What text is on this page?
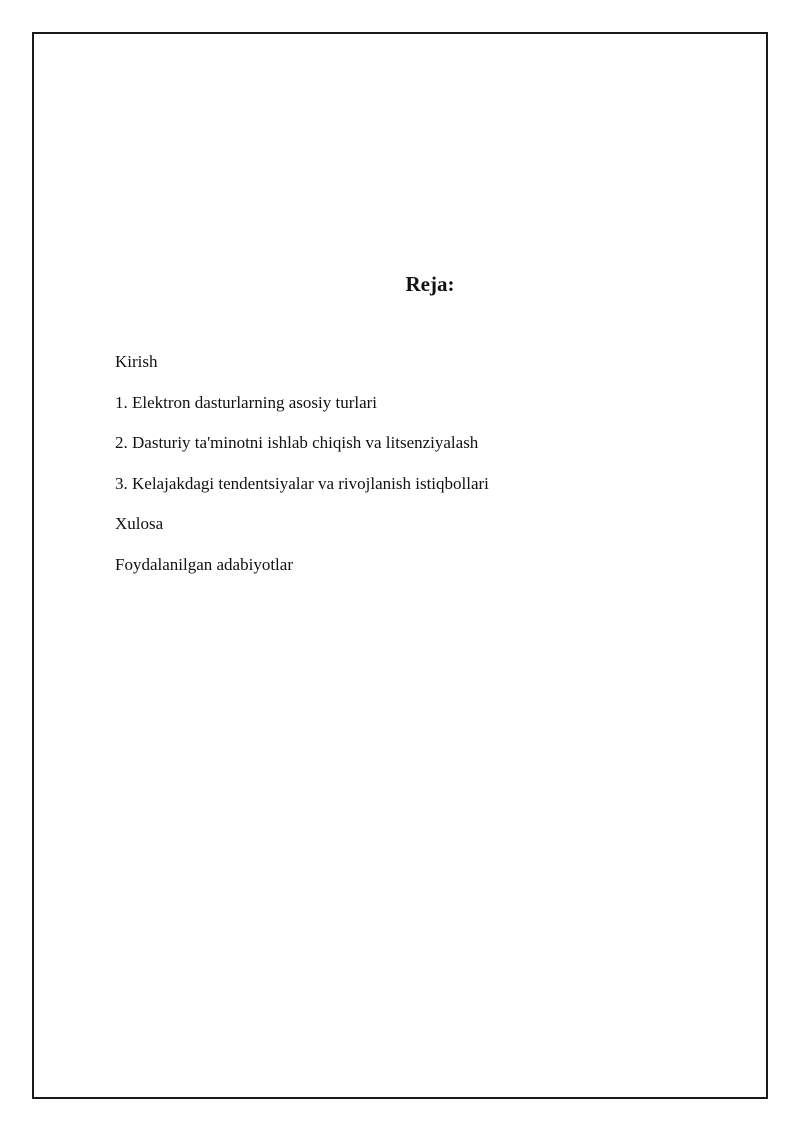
Reja:
Kirish
1. Elektron dasturlarning asosiy turlari
2. Dasturiy ta'minotni ishlab chiqish va litsenziyalash
3. Kelajakdagi tendentsiyalar va rivojlanish istiqbollari
Xulosa
Foydalanilgan adabiyotlar
